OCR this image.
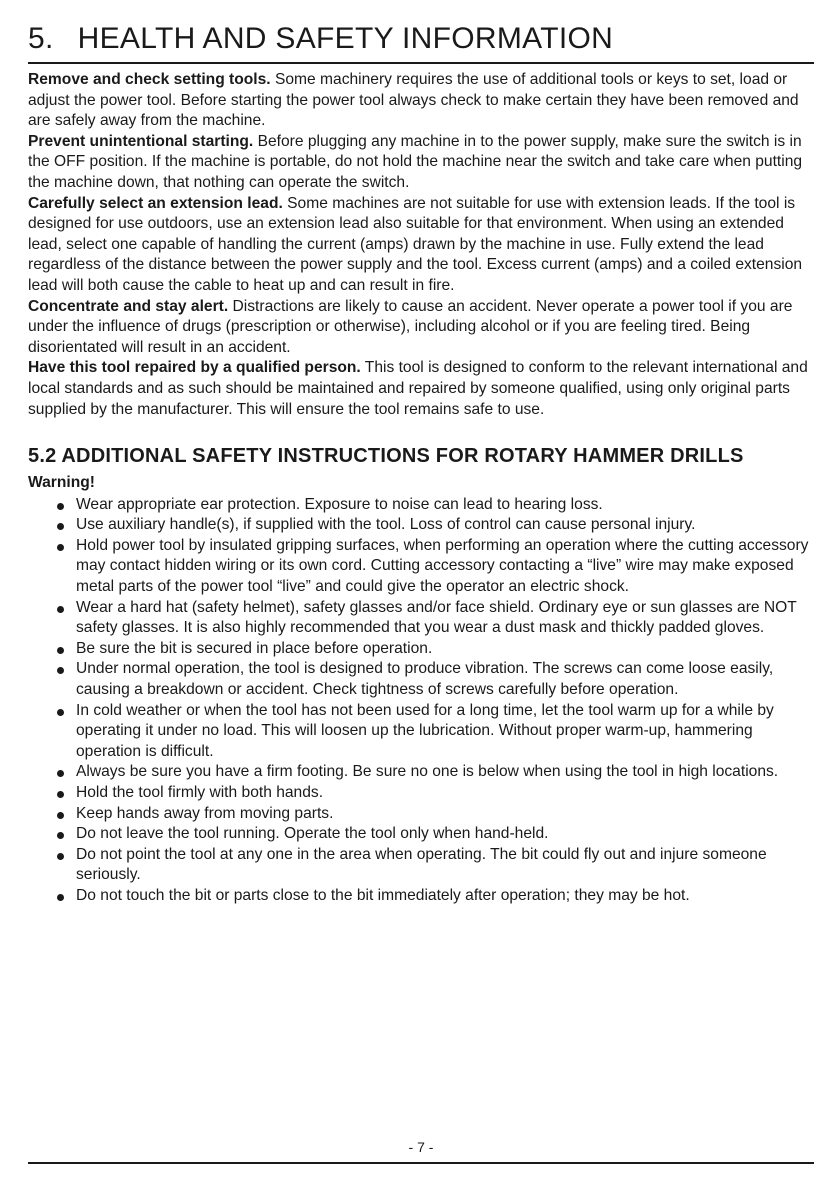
5. HEALTH AND SAFETY INFORMATION

Remove and check setting tools. Some machinery requires the use of additional tools or keys to set, load or adjust the power tool. Before starting the power tool always check to make certain they have been removed and are safely away from the machine.

Prevent unintentional starting. Before plugging any machine in to the power supply, make sure the switch is in the OFF position. If the machine is portable, do not hold the machine near the switch and take care when putting the machine down, that nothing can operate the switch.

Carefully select an extension lead. Some machines are not suitable for use with extension leads. If the tool is designed for use outdoors, use an extension lead also suitable for that environment. When using an extended lead, select one capable of handling the current (amps) drawn by the machine in use. Fully extend the lead regardless of the distance between the power supply and the tool. Excess current (amps) and a coiled extension lead will both cause the cable to heat up and can result in fire.

Concentrate and stay alert. Distractions are likely to cause an accident. Never operate a power tool if you are under the influence of drugs (prescription or otherwise), including alcohol or if you are feeling tired. Being disorientated will result in an accident.

Have this tool repaired by a qualified person. This tool is designed to conform to the relevant international and local standards and as such should be maintained and repaired by someone qualified, using only original parts supplied by the manufacturer. This will ensure the tool remains safe to use.

5.2 ADDITIONAL SAFETY INSTRUCTIONS FOR ROTARY HAMMER DRILLS
Warning!
Wear appropriate ear protection. Exposure to noise can lead to hearing loss.
Use auxiliary handle(s), if supplied with the tool. Loss of control can cause personal injury.
Hold power tool by insulated gripping surfaces, when performing an operation where the cutting accessory may contact hidden wiring or its own cord. Cutting accessory contacting a “live” wire may make exposed metal parts of the power tool “live” and could give the operator an electric shock.
Wear a hard hat (safety helmet), safety glasses and/or face shield. Ordinary eye or sun glasses are NOT safety glasses. It is also highly recommended that you wear a dust mask and thickly padded gloves.
Be sure the bit is secured in place before operation.
Under normal operation, the tool is designed to produce vibration. The screws can come loose easily, causing a breakdown or accident. Check tightness of screws carefully before operation.
In cold weather or when the tool has not been used for a long time, let the tool warm up for a while by operating it under no load. This will loosen up the lubrication. Without proper warm-up, hammering operation is difficult.
Always be sure you have a firm footing. Be sure no one is below when using the tool in high locations.
Hold the tool firmly with both hands.
Keep hands away from moving parts.
Do not leave the tool running. Operate the tool only when hand-held.
Do not point the tool at any one in the area when operating. The bit could fly out and injure someone seriously.
Do not touch the bit or parts close to the bit immediately after operation; they may be hot.
- 7 -
